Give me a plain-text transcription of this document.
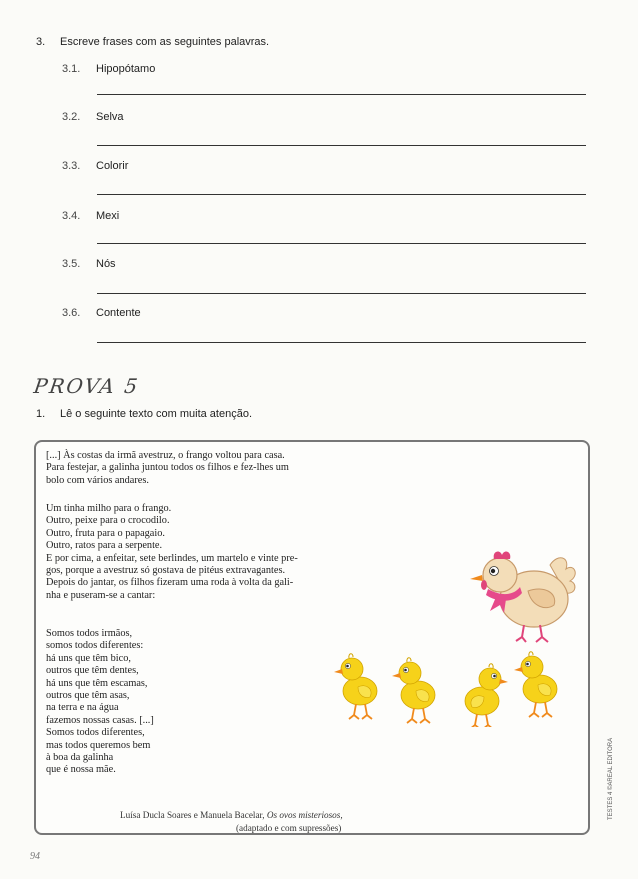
3. Escreve frases com as seguintes palavras.
3.1. Hipopótamo
3.2. Selva
3.3. Colorir
3.4. Mexi
3.5. Nós
3.6. Contente
PROVA 5
1. Lê o seguinte texto com muita atenção.
[...] Às costas da irmã avestruz, o frango voltou para casa.
Para festejar, a galinha juntou todos os filhos e fez-lhes um
bolo com vários andares.
Um tinha milho para o frango.
Outro, peixe para o crocodilo.
Outro, fruta para o papagaio.
Outro, ratos para a serpente.
E por cima, a enfeitar, sete berlindes, um martelo e vinte pre-
gos, porque a avestruz só gostava de pitéus extravagantes.
Depois do jantar, os filhos fizeram uma roda à volta da gali-
nha e puseram-se a cantar:
Somos todos irmãos,
somos todos diferentes:
há uns que têm bico,
outros que têm dentes,
há uns que têm escamas,
outros que têm asas,
na terra e na água
fazemos nossas casas. [...]
Somos todos diferentes,
mas todos queremos bem
à boa da galinha
que é nossa mãe.
Luísa Ducla Soares e Manuela Bacelar, Os ovos misteriosos,
(adaptado e com supressões)
94
TESTES 4 ©AREAL EDITORA
